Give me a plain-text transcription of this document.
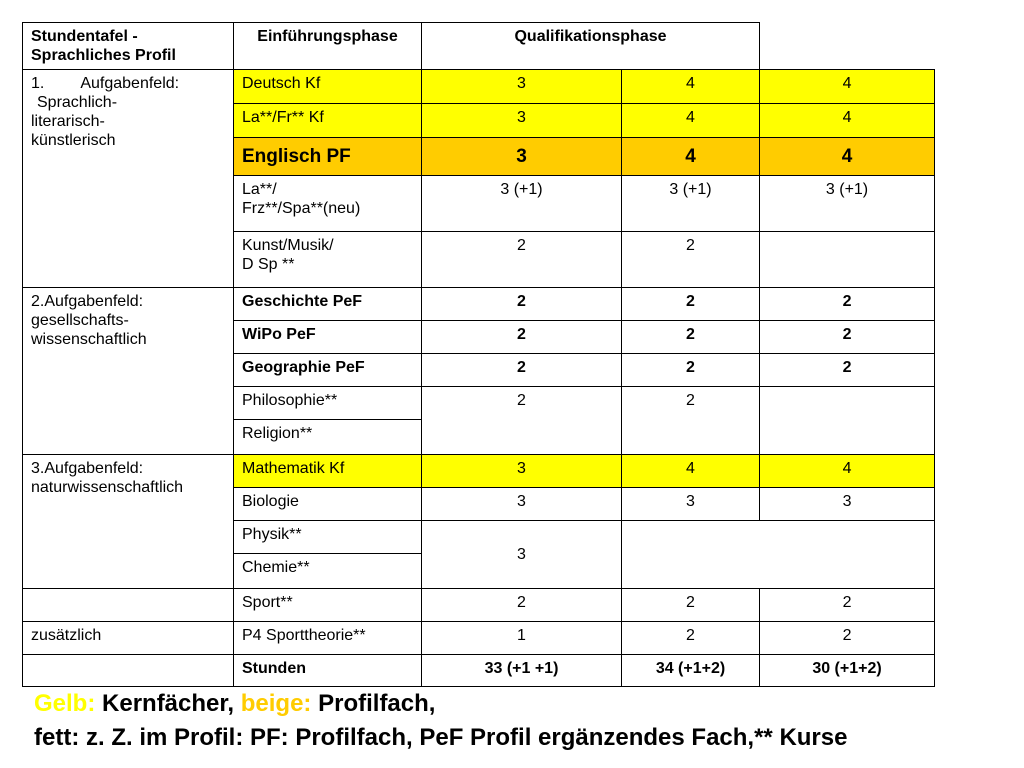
Stundentafel - Sprachliches Profil	Einführungsphase	Qualifikationsphase		

1. Aufgabenfeld:
Sprachlich-
literarisch-
künstlerisch	Deutsch Kf	3	4	4
	La**/Fr** Kf	3	4	4
	Englisch PF	3	4	4

	La**/
Frz**/Spa**(neu)	3 (+1)	3 (+1)	3 (+1)

	Kunst/Musik/
D Sp **	2	2	

2.Aufgabenfeld:
gesellschafts-
wissenschaftlich	Geschichte PeF	2	2	2
	WiPo PeF	2	2	2
	Geographie PeF	2	2	2
	Philosophie**	2	2	
	Religion**			

3.Aufgabenfeld:
naturwissenschaftlich	Mathematik Kf	3	4	4
	Biologie	3	3	3
	Physik**	3		
	Chemie**			
	Sport**	2	2	2
zusätzlich	P4 Sporttheorie**	1	2	2
	Stunden	33 (+1 +1)	34 (+1+2)	30 (+1+2)
Gelb: Kernfächer, beige: Profilfach,
fett: z. Z. im Profil: PF: Profilfach, PeF Profil ergänzendes Fach,** Kurse
